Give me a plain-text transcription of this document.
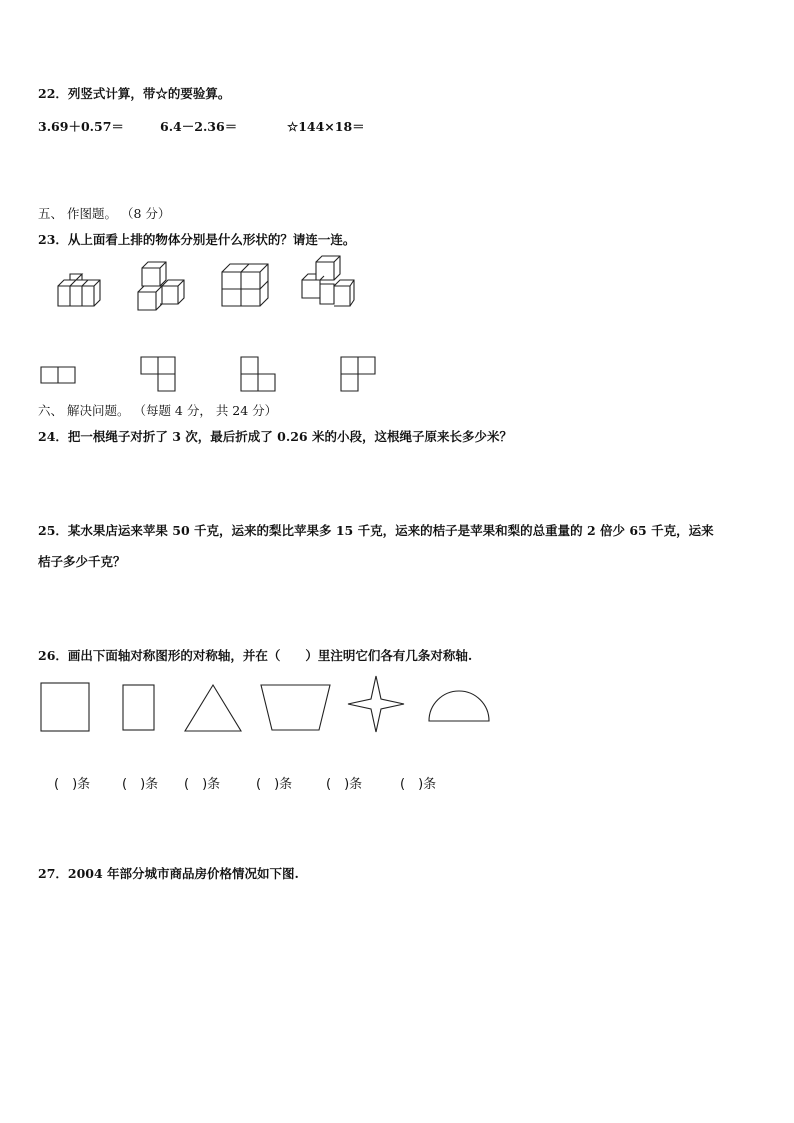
22．列竖式计算，带☆的要验算。
3.69＋0.57＝	6.4－2.36＝	☆144×18＝
五、 作图题。 （8 分）
23．从上面看上排的物体分别是什么形状的？请连一连。
六、 解决问题。 （每题 4 分， 共 24 分）
24．把一根绳子对折了 3 次，最后折成了 0.26 米的小段，这根绳子原来长多少米？
25．某水果店运来苹果 50 千克，运来的梨比苹果多 15 千克，运来的桔子是苹果和梨的总重量的 2 倍少 65 千克，运来
桔子多少千克？
26．画出下面轴对称图形的对称轴，并在（　　）里注明它们各有几条对称轴.
(　)条 (　)条 (　)条	(　)条	(　)条	(　)条
27．2004 年部分城市商品房价格情况如下图.
